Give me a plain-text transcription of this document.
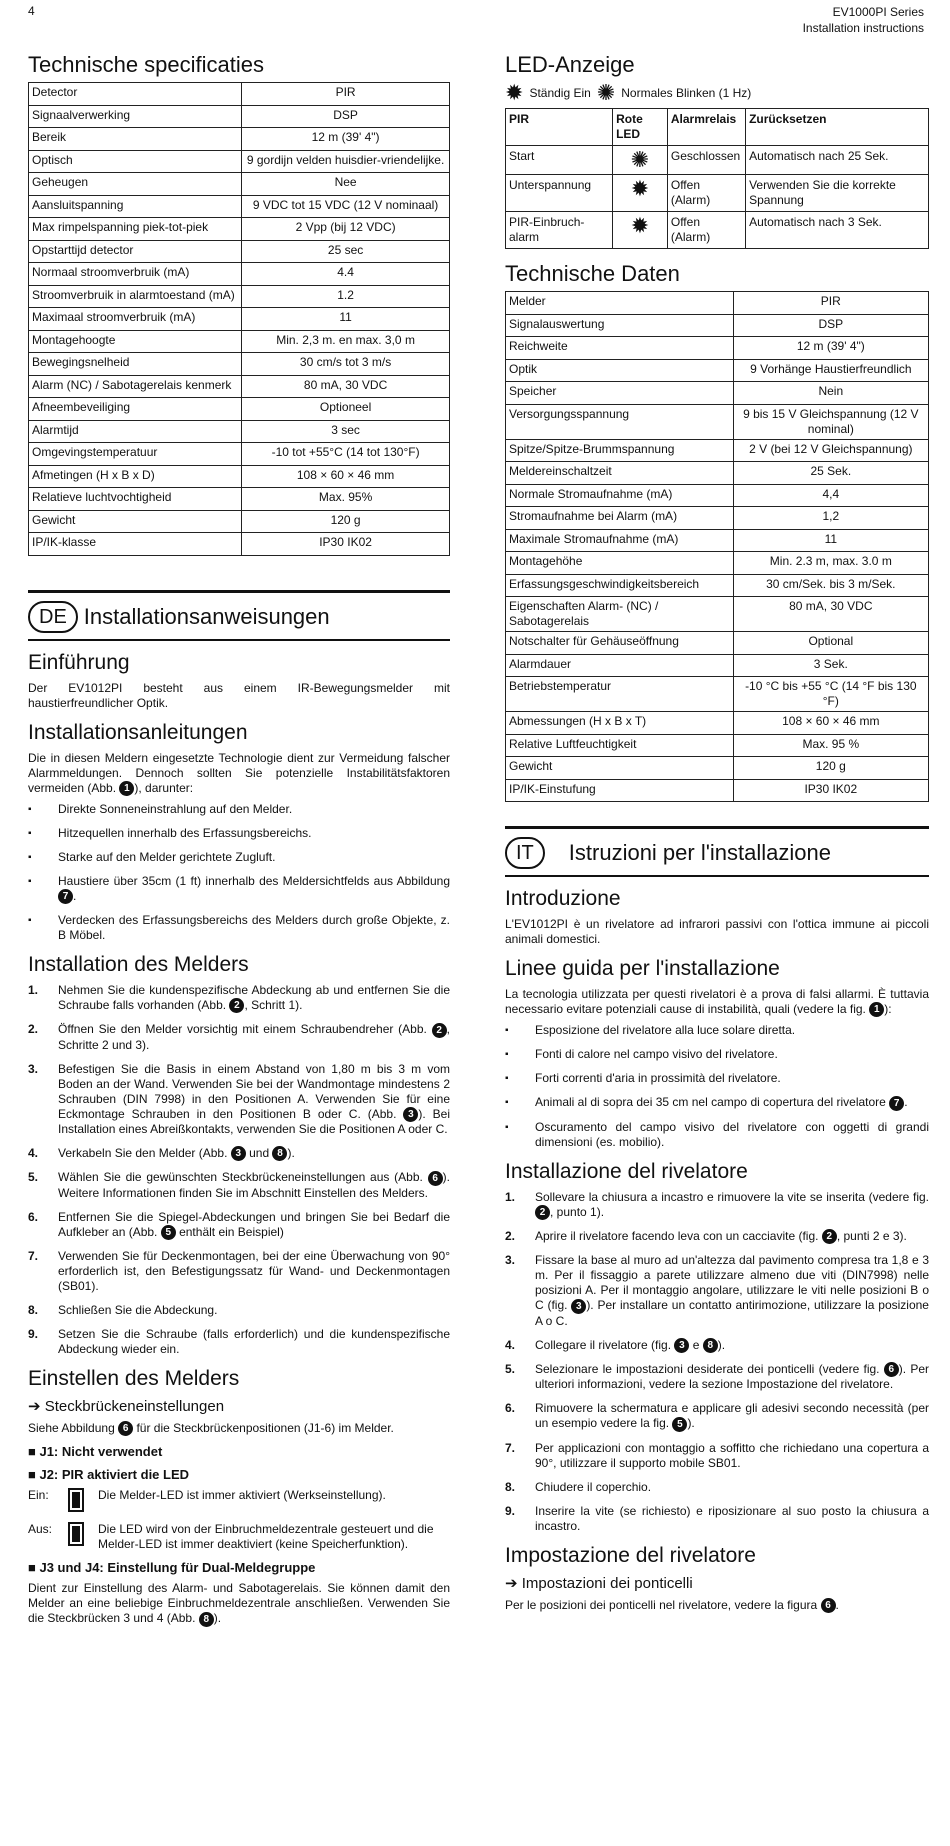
4	EV1000PI Series
Installation instructions
Technische specificaties
Detector	PIR
Signaalverwerking	DSP
Bereik	12 m (39' 4")
Optisch	9 gordijn velden huisdier-vriendelijke.
Geheugen	Nee
Aansluitspanning	9 VDC tot 15 VDC (12 V nominaal)
Max rimpelspanning piek-tot-piek	2 Vpp (bij 12 VDC)
Opstarttijd detector	25 sec
Normaal stroomverbruik (mA)	4.4
Stroomverbruik in alarmtoestand (mA)	1.2
Maximaal stroomverbruik (mA)	11
Montagehoogte	Min. 2,3 m. en max. 3,0 m
Bewegingsnelheid	30 cm/s tot 3 m/s
Alarm (NC) / Sabotagerelais kenmerk	80 mA, 30 VDC
Afneembeveiliging	Optioneel
Alarmtijd	3 sec
Omgevingstemperatuur	-10 tot +55°C (14 tot 130°F)
Afmetingen (H x B x D)	108 × 60 × 46 mm
Relatieve luchtvochtigheid	Max. 95%
Gewicht	120 g
IP/IK-klasse	IP30 IK02
DE Installationsanweisungen
Einführung

Der EV1012PI besteht aus einem IR-Bewegungsmelder mit haustierfreundlicher Optik.

Installationsanleitungen

Die in diesen Meldern eingesetzte Technologie dient zur Vermeidung falscher Alarmmeldungen. Dennoch sollten Sie potenzielle Instabilitätsfaktoren vermeiden (Abb. 1 ), darunter:

▪ Direkte Sonneneinstrahlung auf den Melder.
▪ Hitzequellen innerhalb des Erfassungsbereichs.
▪ Starke auf den Melder gerichtete Zugluft.
▪ Haustiere über 35cm (1 ft) innerhalb des Meldersichtfelds aus Abbildung 7 .
▪ Verdecken des Erfassungsbereichs des Melders durch große Objekte, z. B Möbel.
Installation des Melders
1.	Nehmen Sie die kundenspezifische Abdeckung ab und entfernen Sie die Schraube falls vorhanden (Abb. 2 , Schritt 1).
2.	Öffnen Sie den Melder vorsichtig mit einem Schraubendreher (Abb. 2 , Schritte 2 und 3).
3.	Befestigen Sie die Basis in einem Abstand von 1,80 m bis 3 m vom Boden an der Wand. Verwenden Sie bei der Wandmontage mindestens 2 Schrauben (DIN 7998) in den Positionen A. Verwenden Sie für eine Eckmontage Schrauben in den Positionen B oder C. (Abb. 3 ). Bei Installation eines Abreißkontakts, verwenden Sie die Positionen A oder C.
4.	Verkabeln Sie den Melder (Abb. 3 und 8 ).
5.	Wählen Sie die gewünschten Steckbrückeneinstellungen aus (Abb. 6 ). Weitere Informationen finden Sie im Abschnitt Einstellen des Melders.
6.	Entfernen Sie die Spiegel-Abdeckungen und bringen Sie bei Bedarf die Aufkleber an (Abb. 5 enthält ein Beispiel)
7.	Verwenden Sie für Deckenmontagen, bei der eine Überwachung von 90° erforderlich ist, den Befestigungssatz für Wand- und Deckenmontagen (SB01).
8.	Schließen Sie die Abdeckung.
9.	Setzen Sie die Schraube (falls erforderlich) und die kundenspezifische Abdeckung wieder ein.
Einstellen des Melders
➔ Steckbrückeneinstellungen

Siehe Abbildung 6 für die Steckbrückenpositionen (J1-6) im Melder.

■ J1: Nicht verwendet
■ J2: PIR aktiviert die LED
Ein:	Die Melder-LED ist immer aktiviert (Werkseinstellung).
Aus:	Die LED wird von der Einbruchmeldezentrale gesteuert und die Melder-LED ist immer deaktiviert (keine Speicherfunktion).
■ J3 und J4: Einstellung für Dual-Meldegruppe

Dient zur Einstellung des Alarm- und Sabotagerelais. Sie können damit den Melder an eine beliebige Einbruchmeldezentrale anschließen. Verwenden Sie die Steckbrücken 3 und 4 (Abb. 8 ).

LED-Anzeige
✹ Ständig Ein ✺ Normales Blinken (1 Hz)
PIR	Rote LED	Alarmrelais	Zurücksetzen
Start	✺	Geschlossen	Automatisch nach 25 Sek.
Unterspannung	✹	Offen (Alarm)	Verwenden Sie die korrekte Spannung
PIR-Einbruch-alarm	✹	Offen (Alarm)	Automatisch nach 3 Sek.
Technische Daten
Melder	PIR
Signalauswertung	DSP
Reichweite	12 m (39' 4")
Optik	9 Vorhänge Haustierfreundlich
Speicher	Nein
Versorgungsspannung	9 bis 15 V Gleichspannung (12 V nominal)
Spitze/Spitze-Brummspannung	2 V (bei 12 V Gleichspannung)
Meldereinschaltzeit	25 Sek.
Normale Stromaufnahme (mA)	4,4
Stromaufnahme bei Alarm (mA)	1,2
Maximale Stromaufnahme (mA)	11
Montagehöhe	Min. 2.3 m, max. 3.0 m
Erfassungsgeschwindigkeitsbereich	30 cm/Sek. bis 3 m/Sek.
Eigenschaften Alarm- (NC) / Sabotagerelais	80 mA, 30 VDC
Notschalter für Gehäuseöffnung	Optional
Alarmdauer	3 Sek.
Betriebstemperatur	-10 °C bis +55 °C (14 °F bis 130 °F)
Abmessungen (H x B x T)	108 × 60 × 46 mm
Relative Luftfeuchtigkeit	Max. 95 %
Gewicht	120 g
IP/IK-Einstufung	IP30 IK02
IT	Istruzioni per l'installazione
Introduzione

L'EV1012PI è un rivelatore ad infrarori passivi con l'ottica immune ai piccoli animali domestici.

Linee guida per l'installazione

La tecnologia utilizzata per questi rivelatori è a prova di falsi allarmi. È tuttavia necessario evitare potenziali cause di instabilità, quali (vedere la fig. 1 ):

▪ Esposizione del rivelatore alla luce solare diretta.
▪ Fonti di calore nel campo visivo del rivelatore.
▪ Forti correnti d'aria in prossimità del rivelatore.
▪ Animali al di sopra dei 35 cm nel campo di copertura del rivelatore 7 .
▪ Oscuramento del campo visivo del rivelatore con oggetti di grandi dimensioni (es. mobilio).
Installazione del rivelatore
1.	Sollevare la chiusura a incastro e rimuovere la vite se inserita (vedere fig. 2 , punto 1).
2.	Aprire il rivelatore facendo leva con un cacciavite (fig. 2 , punti 2 e 3).
3.	Fissare la base al muro ad un'altezza dal pavimento compresa tra 1,8 e 3 m. Per il fissaggio a parete utilizzare almeno due viti (DIN7998) nelle posizioni A. Per il montaggio angolare, utilizzare le viti nelle posizioni B o C (fig. 3 ). Per installare un contatto antirimozione, utilizzare la posizione A o C.
4.	Collegare il rivelatore (fig. 3 e 8 ).
5.	Selezionare le impostazioni desiderate dei ponticelli (vedere fig. 6 ). Per ulteriori informazioni, vedere la sezione Impostazione del rivelatore.
6.	Rimuovere la schermatura e applicare gli adesivi secondo necessità (per un esempio vedere la fig. 5 ).
7.	Per applicazioni con montaggio a soffitto che richiedano una copertura a 90°, utilizzare il supporto mobile SB01.
8.	Chiudere il coperchio.
9.	Inserire la vite (se richiesto) e riposizionare al suo posto la chiusura a incastro.
Impostazione del rivelatore
➔ Impostazioni dei ponticelli

Per le posizioni dei ponticelli nel rivelatore, vedere la figura 6 .
